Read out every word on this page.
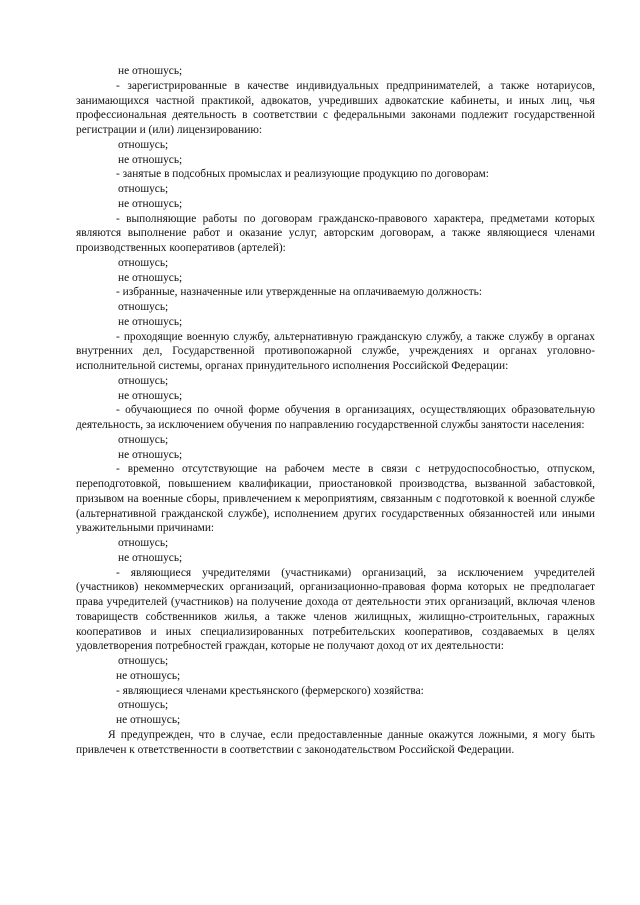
не отношусь;

- зарегистрированные в качестве индивидуальных предпринимателей, а также нотариусов, занимающихся частной практикой, адвокатов, учредивших адвокатские кабинеты, и иных лиц, чья профессиональная деятельность в соответствии с федеральными законами подлежит государственной регистрации и (или) лицензированию:

отношусь;

не отношусь;

- занятые в подсобных промыслах и реализующие продукцию по договорам:

отношусь;

не отношусь;

- выполняющие работы по договорам гражданско-правового характера, предметами которых являются выполнение работ и оказание услуг, авторским договорам, а также являющиеся членами производственных кооперативов (артелей):

отношусь;

не отношусь;

- избранные, назначенные или утвержденные на оплачиваемую должность:

отношусь;

не отношусь;

- проходящие военную службу, альтернативную гражданскую службу, а также службу в органах внутренних дел, Государственной противопожарной службе, учреждениях и органах уголовно-исполнительной системы, органах принудительного исполнения Российской Федерации:

отношусь;

не отношусь;

- обучающиеся по очной форме обучения в организациях, осуществляющих образовательную деятельность, за исключением обучения по направлению государственной службы занятости населения:

отношусь;

не отношусь;

- временно отсутствующие на рабочем месте в связи с нетрудоспособностью, отпуском, переподготовкой, повышением квалификации, приостановкой производства, вызванной забастовкой, призывом на военные сборы, привлечением к мероприятиям, связанным с подготовкой к военной службе (альтернативной гражданской службе), исполнением других государственных обязанностей или иными уважительными причинами:

отношусь;

не отношусь;

- являющиеся учредителями (участниками) организаций, за исключением учредителей (участников) некоммерческих организаций, организационно-правовая форма которых не предполагает права учредителей (участников) на получение дохода от деятельности этих организаций, включая членов товариществ собственников жилья, а также членов жилищных, жилищно-строительных, гаражных кооперативов и иных специализированных потребительских кооперативов, создаваемых в целях удовлетворения потребностей граждан, которые не получают доход от их деятельности:

отношусь;

не отношусь;

- являющиеся членами крестьянского (фермерского) хозяйства:

отношусь;

не отношусь;

Я предупрежден, что в случае, если предоставленные данные окажутся ложными, я могу быть привлечен к ответственности в соответствии с законодательством Российской Федерации.
